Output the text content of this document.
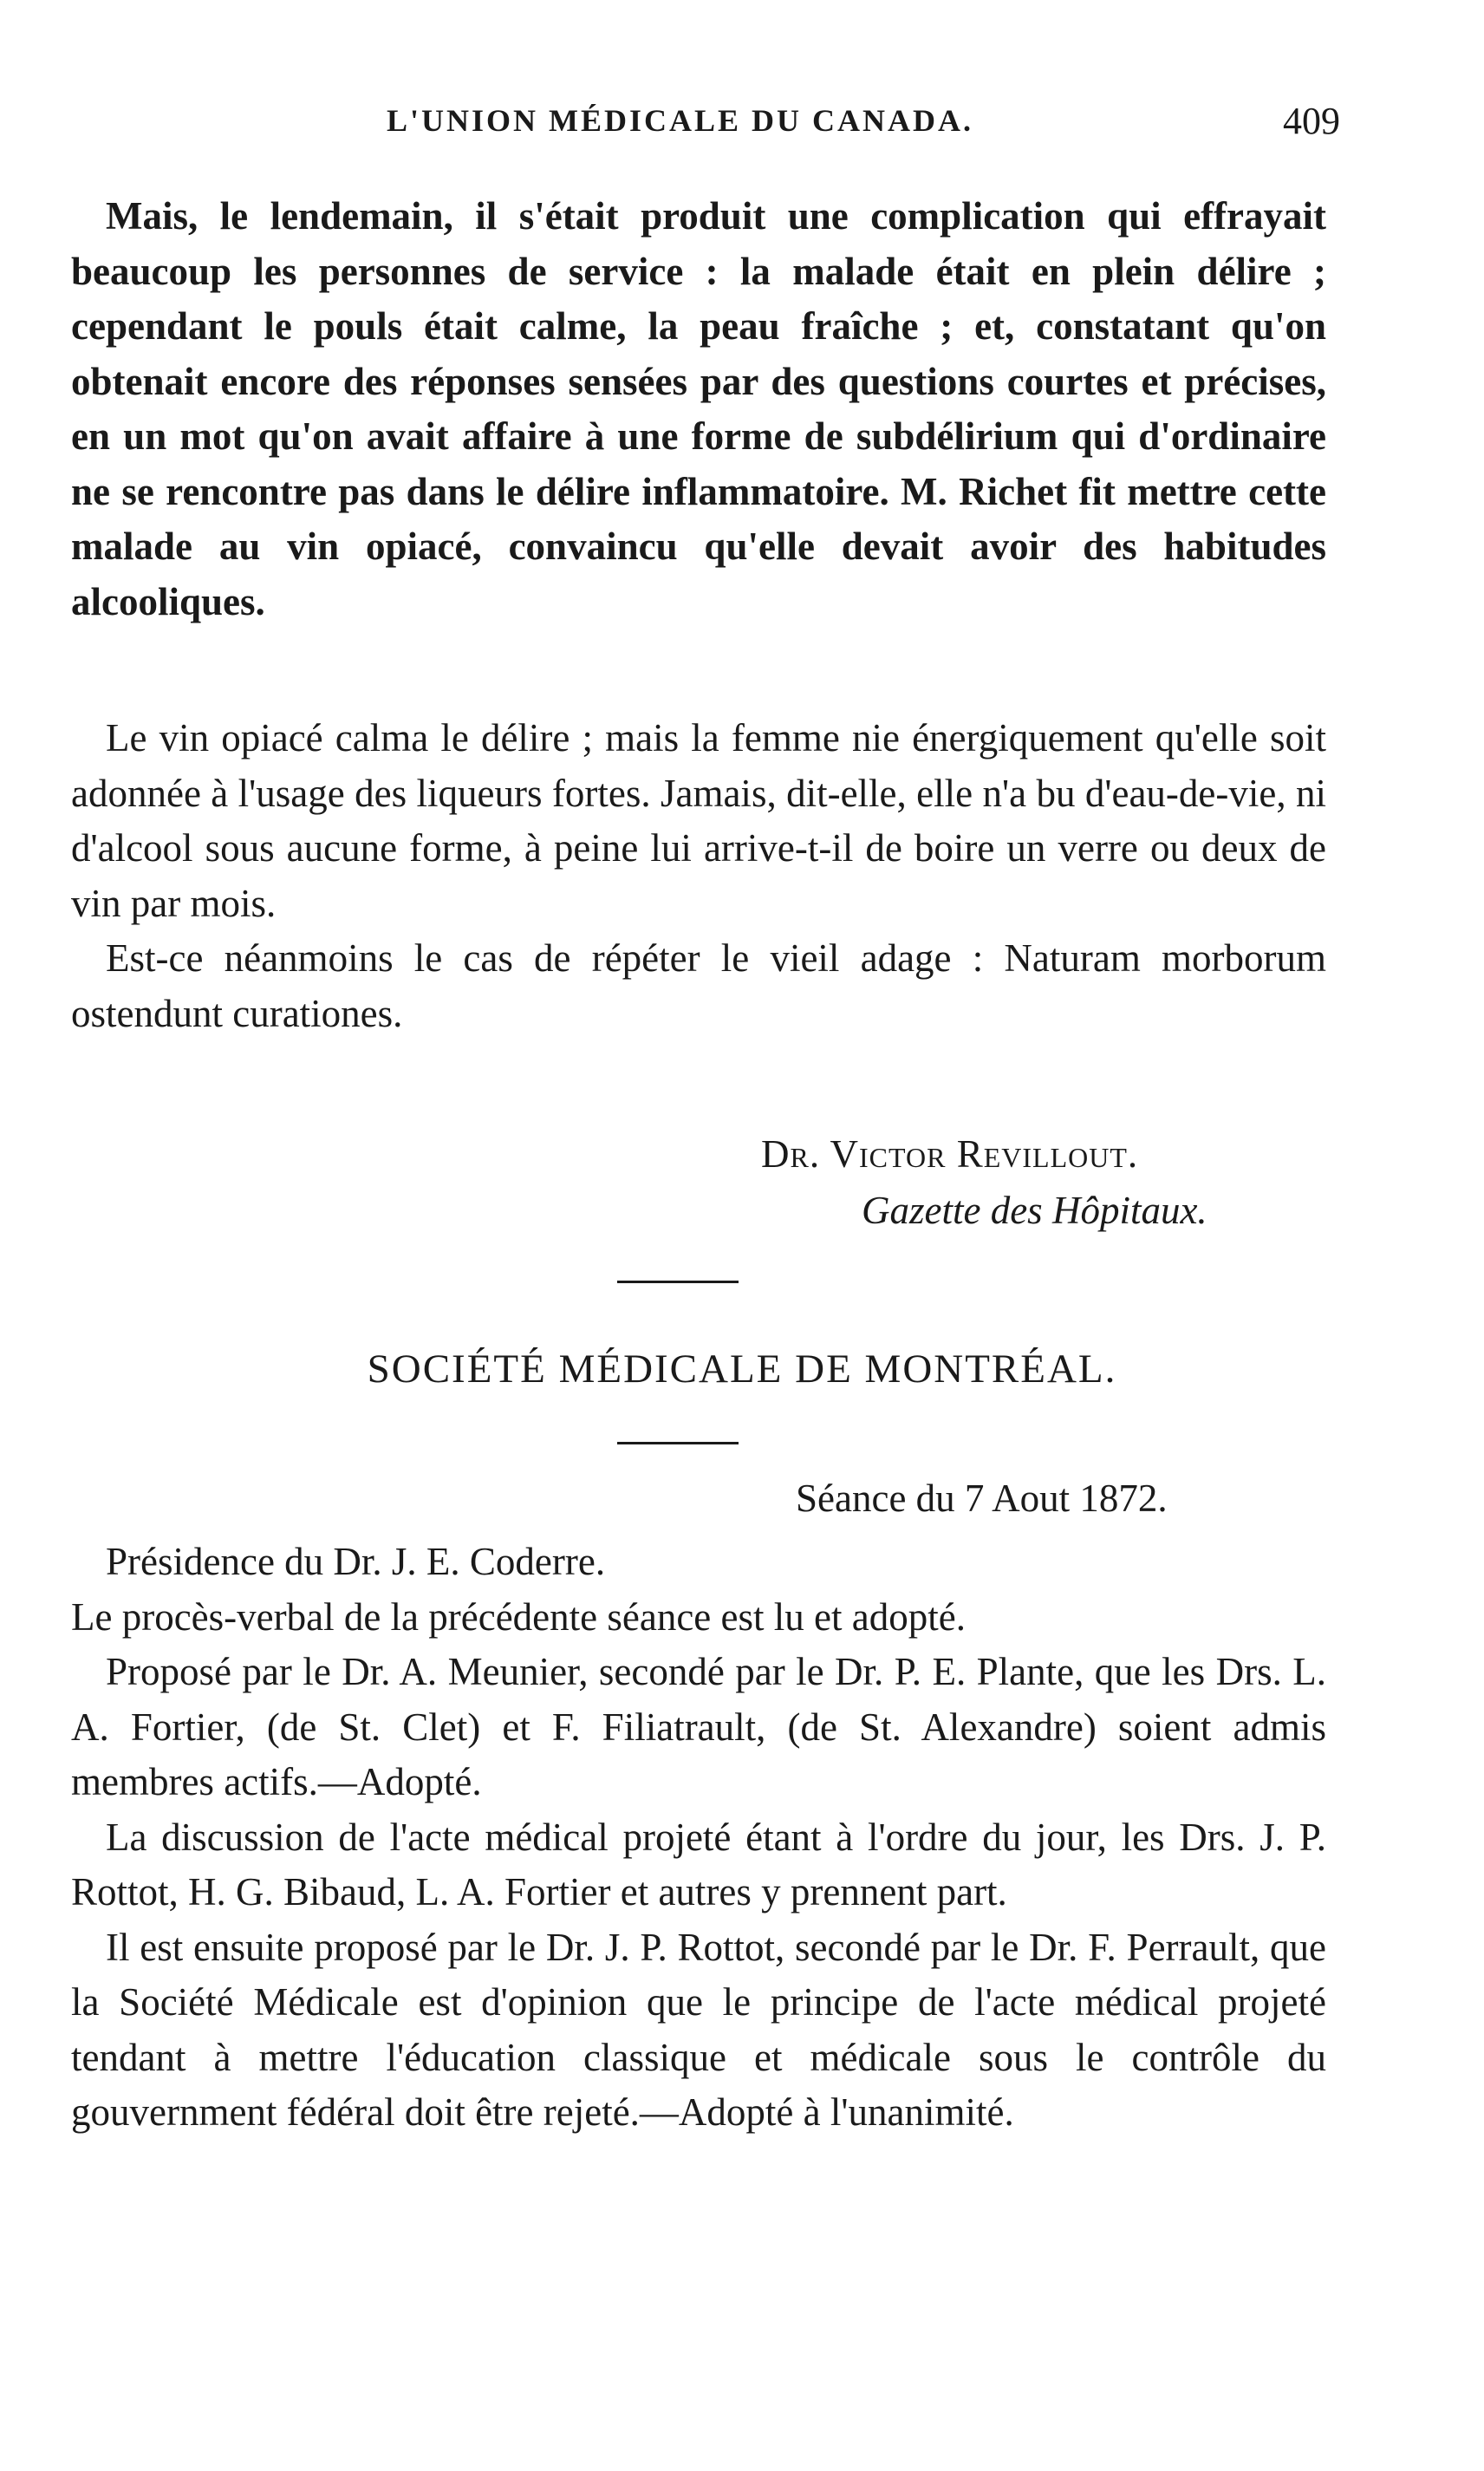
L'UNION MÉDICALE DU CANADA.	409

Mais, le lendemain, il s'était produit une complication qui effrayait beaucoup les personnes de service : la malade était en plein délire ; cependant le pouls était calme, la peau fraîche ; et, constatant qu'on obtenait encore des réponses sensées par des questions courtes et précises, en un mot qu'on avait affaire à une forme de subdélirium qui d'ordinaire ne se rencontre pas dans le délire inflammatoire. M. Richet fit mettre cette malade au vin opiacé, convaincu qu'elle devait avoir des habitudes alcooliques.

Le vin opiacé calma le délire ; mais la femme nie énergiquement qu'elle soit adonnée à l'usage des liqueurs fortes. Jamais, dit-elle, elle n'a bu d'eau-de-vie, ni d'alcool sous aucune forme, à peine lui arrive-t-il de boire un verre ou deux de vin par mois.

Est-ce néanmoins le cas de répéter le vieil adage : Naturam morborum ostendunt curationes.

Dr. Victor Revillout.
Gazette des Hôpitaux.
SOCIÉTÉ MÉDICALE DE MONTRÉAL.
Séance du 7 Aout 1872.

Présidence du Dr. J. E. Coderre.

Le procès-verbal de la précédente séance est lu et adopté.

Proposé par le Dr. A. Meunier, secondé par le Dr. P. E. Plante, que les Drs. L. A. Fortier, (de St. Clet) et F. Filiatrault, (de St. Alexandre) soient admis membres actifs.—Adopté.

La discussion de l'acte médical projeté étant à l'ordre du jour, les Drs. J. P. Rottot, H. G. Bibaud, L. A. Fortier et autres y prennent part.

Il est ensuite proposé par le Dr. J. P. Rottot, secondé par le Dr. F. Perrault, que la Société Médicale est d'opinion que le principe de l'acte médical projeté tendant à mettre l'éducation classique et médicale sous le contrôle du gouvernment fédéral doit être rejeté.—Adopté à l'unanimité.
